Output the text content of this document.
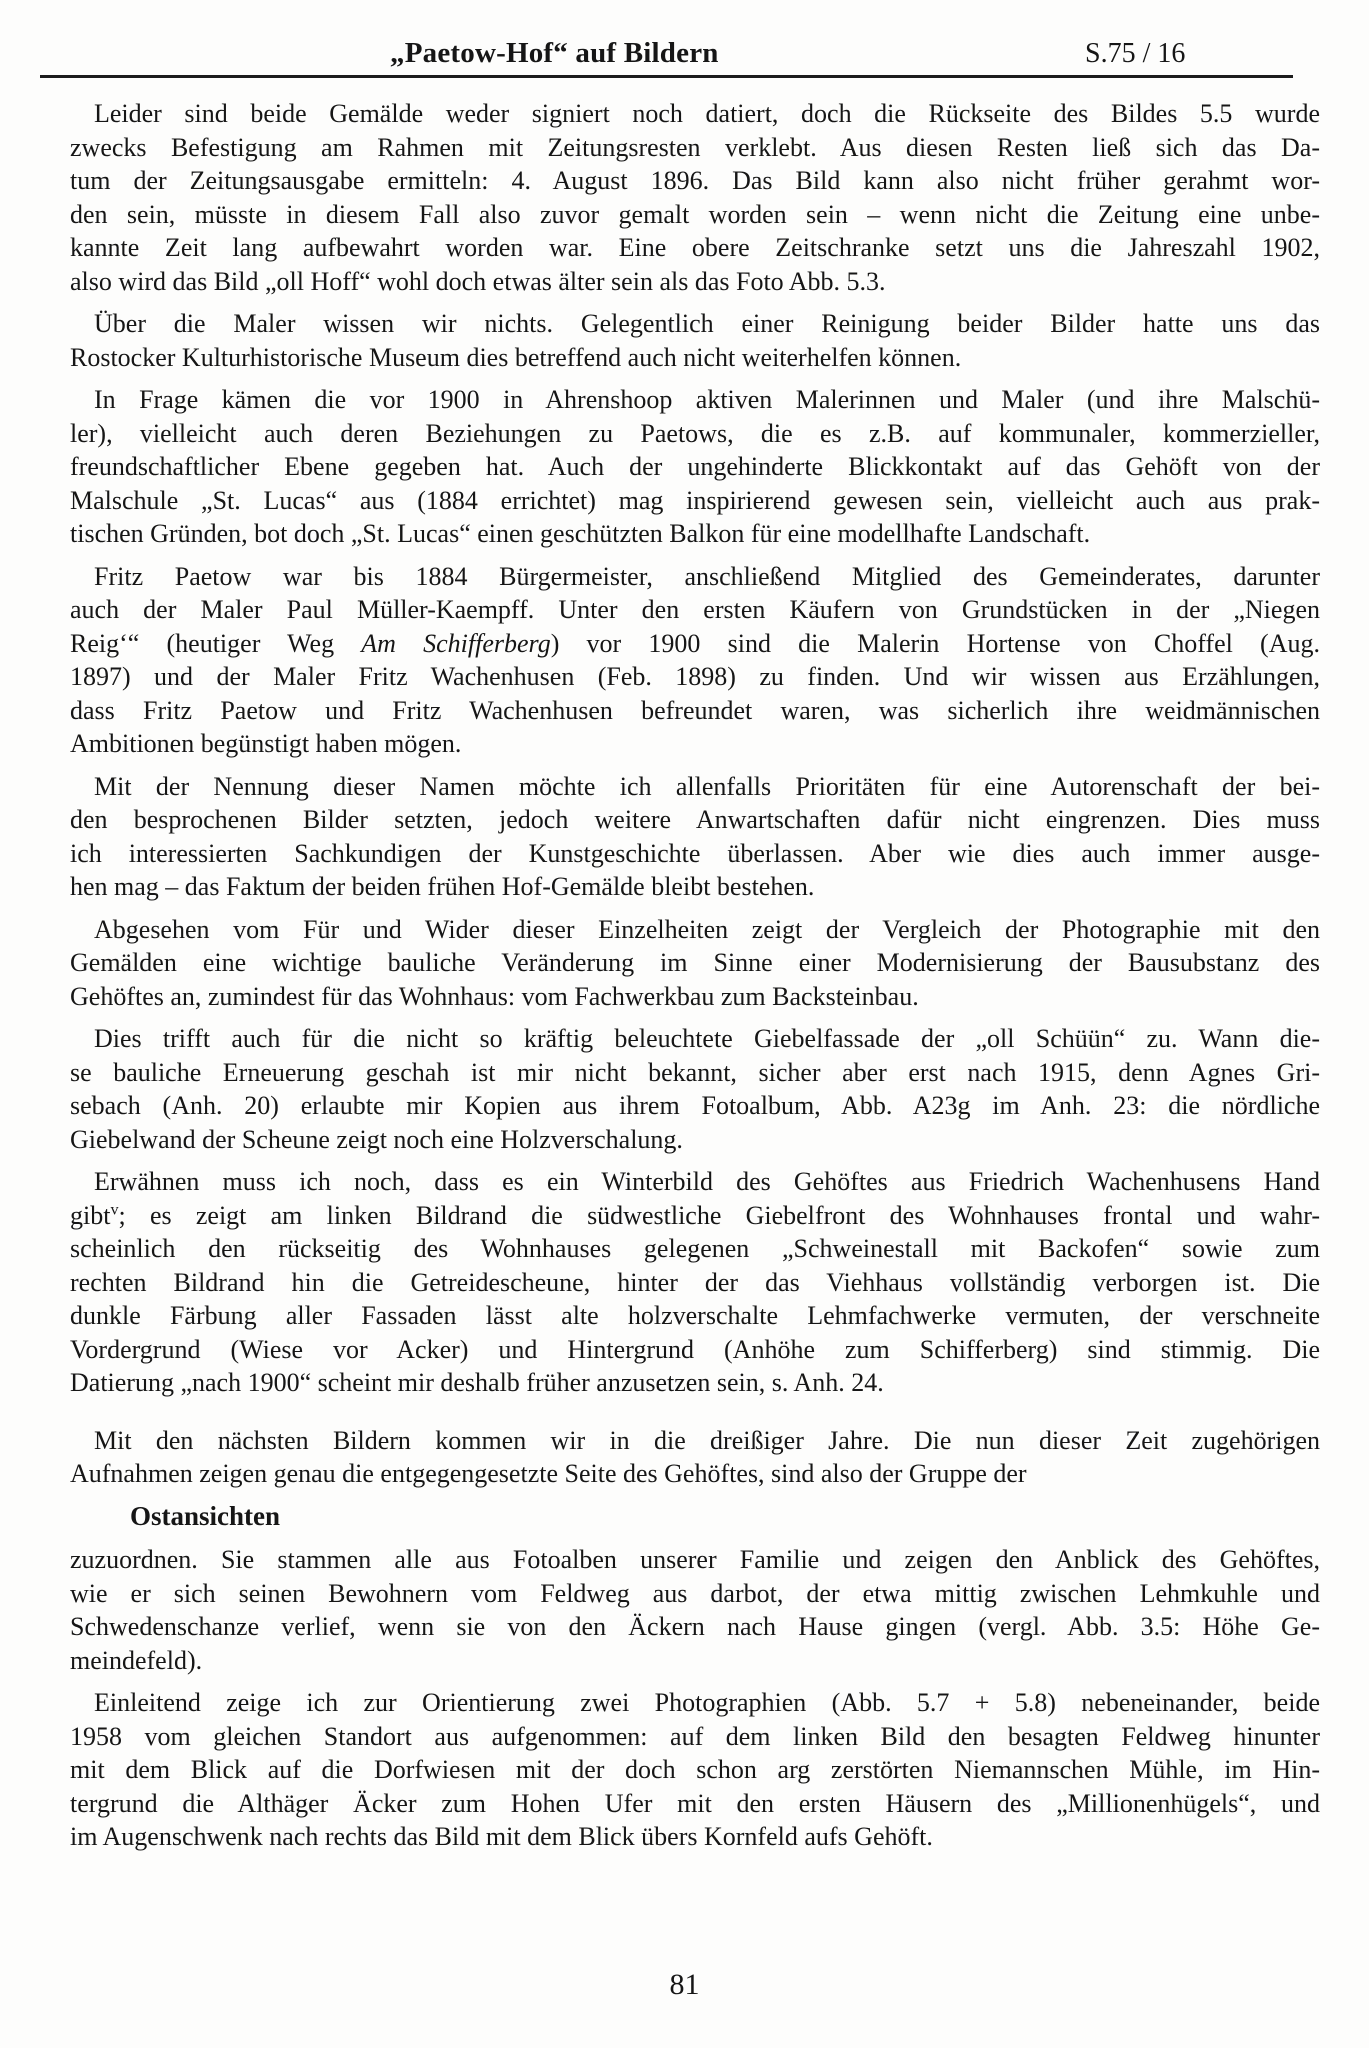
„Paetow-Hof“ auf Bildern	S.75 / 16
Leider sind beide Gemälde weder signiert noch datiert, doch die Rückseite des Bildes 5.5 wurde
zwecks Befestigung am Rahmen mit Zeitungsresten verklebt. Aus diesen Resten ließ sich das Da-
tum der Zeitungsausgabe ermitteln: 4. August 1896. Das Bild kann also nicht früher gerahmt wor-
den sein, müsste in diesem Fall also zuvor gemalt worden sein – wenn nicht die Zeitung eine unbe-
kannte Zeit lang aufbewahrt worden war. Eine obere Zeitschranke setzt uns die Jahreszahl 1902,
also wird das Bild „oll Hoff“ wohl doch etwas älter sein als das Foto Abb. 5.3.
Über die Maler wissen wir nichts. Gelegentlich einer Reinigung beider Bilder hatte uns das
Rostocker Kulturhistorische Museum dies betreffend auch nicht weiterhelfen können.
In Frage kämen die vor 1900 in Ahrenshoop aktiven Malerinnen und Maler (und ihre Malschü-
ler), vielleicht auch deren Beziehungen zu Paetows, die es z.B. auf kommunaler, kommerzieller,
freundschaftlicher Ebene gegeben hat. Auch der ungehinderte Blickkontakt auf das Gehöft von der
Malschule „St. Lucas“ aus (1884 errichtet) mag inspirierend gewesen sein, vielleicht auch aus prak-
tischen Gründen, bot doch „St. Lucas“ einen geschützten Balkon für eine modellhafte Landschaft.
Fritz Paetow war bis 1884 Bürgermeister, anschließend Mitglied des Gemeinderates, darunter
auch der Maler Paul Müller-Kaempff. Unter den ersten Käufern von Grundstücken in der „Niegen
Reig‘“ (heutiger Weg Am Schifferberg) vor 1900 sind die Malerin Hortense von Choffel (Aug.
1897) und der Maler Fritz Wachenhusen (Feb. 1898) zu finden. Und wir wissen aus Erzählungen,
dass Fritz Paetow und Fritz Wachenhusen befreundet waren, was sicherlich ihre weidmännischen
Ambitionen begünstigt haben mögen.
Mit der Nennung dieser Namen möchte ich allenfalls Prioritäten für eine Autorenschaft der bei-
den besprochenen Bilder setzten, jedoch weitere Anwartschaften dafür nicht eingrenzen. Dies muss
ich interessierten Sachkundigen der Kunstgeschichte überlassen. Aber wie dies auch immer ausge-
hen mag – das Faktum der beiden frühen Hof-Gemälde bleibt bestehen.
Abgesehen vom Für und Wider dieser Einzelheiten zeigt der Vergleich der Photographie mit den
Gemälden eine wichtige bauliche Veränderung im Sinne einer Modernisierung der Bausubstanz des
Gehöftes an, zumindest für das Wohnhaus: vom Fachwerkbau zum Backsteinbau.
Dies trifft auch für die nicht so kräftig beleuchtete Giebelfassade der „oll Schüün“ zu. Wann die-
se bauliche Erneuerung geschah ist mir nicht bekannt, sicher aber erst nach 1915, denn Agnes Gri-
sebach (Anh. 20) erlaubte mir Kopien aus ihrem Fotoalbum, Abb. A23g im Anh. 23: die nördliche
Giebelwand der Scheune zeigt noch eine Holzverschalung.
Erwähnen muss ich noch, dass es ein Winterbild des Gehöftes aus Friedrich Wachenhusens Hand
gibt$^v$; es zeigt am linken Bildrand die südwestliche Giebelfront des Wohnhauses frontal und wahr-
scheinlich den rückseitig des Wohnhauses gelegenen „Schweinestall mit Backofen“ sowie zum
rechten Bildrand hin die Getreidescheune, hinter der das Viehhaus vollständig verborgen ist. Die
dunkle Färbung aller Fassaden lässt alte holzverschalte Lehmfachwerke vermuten, der verschneite
Vordergrund (Wiese vor Acker) und Hintergrund (Anhöhe zum Schifferberg) sind stimmig. Die
Datierung „nach 1900“ scheint mir deshalb früher anzusetzen sein, s. Anh. 24.
Mit den nächsten Bildern kommen wir in die dreißiger Jahre. Die nun dieser Zeit zugehörigen
Aufnahmen zeigen genau die entgegengesetzte Seite des Gehöftes, sind also der Gruppe der
Ostansichten
zuzuordnen. Sie stammen alle aus Fotoalben unserer Familie und zeigen den Anblick des Gehöftes,
wie er sich seinen Bewohnern vom Feldweg aus darbot, der etwa mittig zwischen Lehmkuhle und
Schwedenschanze verlief, wenn sie von den Äckern nach Hause gingen (vergl. Abb. 3.5: Höhe Ge-
meindefeld).
Einleitend zeige ich zur Orientierung zwei Photographien (Abb. 5.7 + 5.8) nebeneinander, beide
1958 vom gleichen Standort aus aufgenommen: auf dem linken Bild den besagten Feldweg hinunter
mit dem Blick auf die Dorfwiesen mit der doch schon arg zerstörten Niemannschen Mühle, im Hin-
tergrund die Althäger Äcker zum Hohen Ufer mit den ersten Häusern des „Millionenhügels“, und
im Augenschwenk nach rechts das Bild mit dem Blick übers Kornfeld aufs Gehöft.
81
